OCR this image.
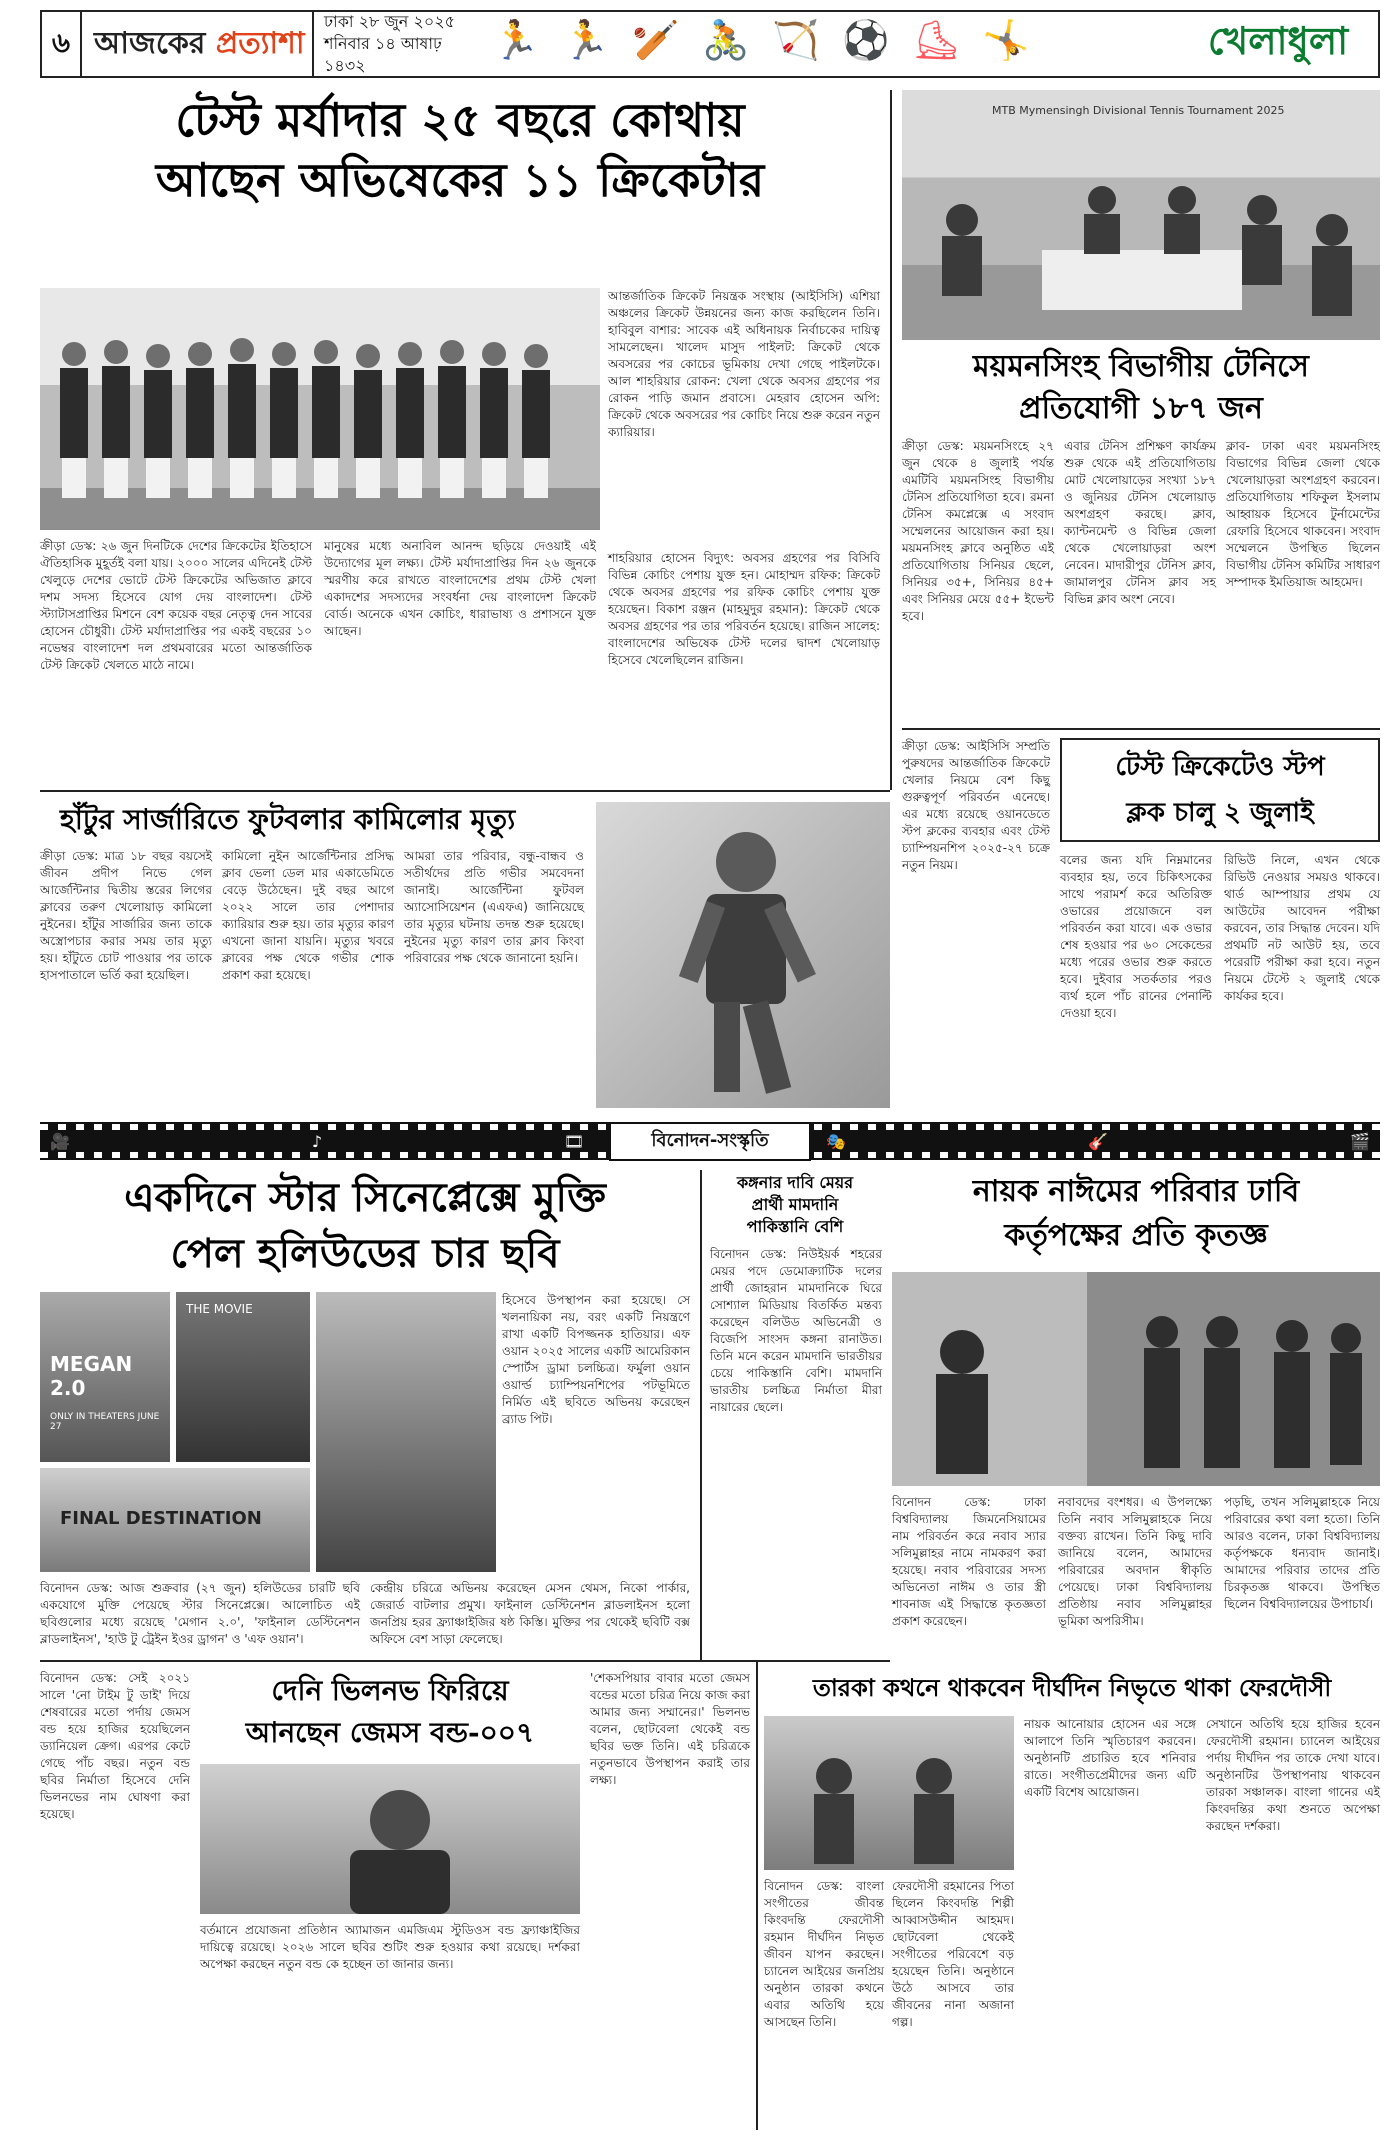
৬ আজকের প্রত্যাশা
ঢাকা ২৮ জুন ২০২৫
শনিবার ১৪ আষাঢ় ১৪৩২
🏃 🏃 🏏 🚴 🏹 ⚽ ⛸ 🤸	খেলাধুলা
টেস্ট মর্যাদার ২৫ বছরে কোথায়
আছেন অভিষেকের ১১ ক্রিকেটার
ক্রীড়া ডেস্ক: ২৬ জুন দিনটিকে দেশের ক্রিকেটের ইতিহাসে ঐতিহাসিক মুহূর্তই বলা যায়। ২০০০ সালের এদিনেই টেস্ট খেলুড়ে দেশের ভোটে টেস্ট ক্রিকেটের অভিজাত ক্লাবে দশম সদস্য হিসেবে যোগ দেয় বাংলাদেশ। টেস্ট স্ট্যাটাসপ্রাপ্তির মিশনে বেশ কয়েক বছর নেতৃত্ব দেন সাবের হোসেন চৌধুরী। টেস্ট মর্যাদাপ্রাপ্তির পর একই বছরের ১০ নভেম্বর বাংলাদেশ দল প্রথমবারের মতো আন্তর্জাতিক টেস্ট ক্রিকেট খেলতে মাঠে নামে।
মানুষের মধ্যে অনাবিল আনন্দ ছড়িয়ে দেওয়াই এই উদ্যোগের মূল লক্ষ্য। টেস্ট মর্যাদাপ্রাপ্তির দিন ২৬ জুনকে স্মরণীয় করে রাখতে বাংলাদেশের প্রথম টেস্ট খেলা একাদশের সদস্যদের সংবর্ধনা দেয় বাংলাদেশ ক্রিকেট বোর্ড। অনেকে এখন কোচিং, ধারাভাষ্য ও প্রশাসনে যুক্ত আছেন।
আন্তর্জাতিক ক্রিকেট নিয়ন্ত্রক সংস্থায় (আইসিসি) এশিয়া অঞ্চলের ক্রিকেট উন্নয়নের জন্য কাজ করছিলেন তিনি। হাবিবুল বাশার: সাবেক এই অধিনায়ক নির্বাচকের দায়িত্ব সামলেছেন। খালেদ মাসুদ পাইলট: ক্রিকেট থেকে অবসরের পর কোচের ভূমিকায় দেখা গেছে পাইলটকে। আল শাহরিয়ার রোকন: খেলা থেকে অবসর গ্রহণের পর রোকন পাড়ি জমান প্রবাসে। মেহরাব হোসেন অপি: ক্রিকেট থেকে অবসরের পর কোচিং নিয়ে শুরু করেন নতুন ক্যারিয়ার।
শাহরিয়ার হোসেন বিদ্যুৎ: অবসর গ্রহণের পর বিসিবি বিভিন্ন কোচিং পেশায় যুক্ত হন। মোহাম্মদ রফিক: ক্রিকেট থেকে অবসর গ্রহণের পর রফিক কোচিং পেশায় যুক্ত হয়েছেন। বিকাশ রঞ্জন (মাহমুদুর রহমান): ক্রিকেট থেকে অবসর গ্রহণের পর তার পরিবর্তন হয়েছে। রাজিন সালেহ: বাংলাদেশের অভিষেক টেস্ট দলের দ্বাদশ খেলোয়াড় হিসেবে খেলেছিলেন রাজিন।
MTB Mymensingh Divisional Tennis Tournament 2025
ময়মনসিংহ বিভাগীয় টেনিসে
প্রতিযোগী ১৮৭ জন
ক্রীড়া ডেস্ক: ময়মনসিংহে ২৭ জুন থেকে ৪ জুলাই পর্যন্ত এমটিবি ময়মনসিংহ বিভাগীয় টেনিস প্রতিযোগিতা হবে। রমনা টেনিস কমপ্লেক্সে এ সংবাদ সম্মেলনের আয়োজন করা হয়। ময়মনসিংহ ক্লাবে অনুষ্ঠিত এই প্রতিযোগিতায় সিনিয়র ছেলে, সিনিয়র ৩৫+, সিনিয়র ৪৫+ এবং সিনিয়র মেয়ে ৫৫+ ইভেন্ট হবে।
এবার টেনিস প্রশিক্ষণ কার্যক্রম শুরু থেকে এই প্রতিযোগিতায় মোট খেলোয়াড়ের সংখ্যা ১৮৭ ও জুনিয়র টেনিস খেলোয়াড় অংশগ্রহণ করছে। ক্লাব, ক্যান্টনমেন্ট ও বিভিন্ন জেলা থেকে খেলোয়াড়রা অংশ নেবেন। মাদারীপুর টেনিস ক্লাব, জামালপুর টেনিস ক্লাব সহ বিভিন্ন ক্লাব অংশ নেবে।
ক্লাব- ঢাকা এবং ময়মনসিংহ বিভাগের বিভিন্ন জেলা থেকে খেলোয়াড়রা অংশগ্রহণ করবেন। প্রতিযোগিতায় শফিকুল ইসলাম আহ্বায়ক হিসেবে টুর্নামেন্টের রেফারি হিসেবে থাকবেন। সংবাদ সম্মেলনে উপস্থিত ছিলেন বিভাগীয় টেনিস কমিটির সাধারণ সম্পাদক ইমতিয়াজ আহমেদ।
ক্রীড়া ডেস্ক: আইসিসি সম্প্রতি পুরুষদের আন্তর্জাতিক ক্রিকেটে খেলার নিয়মে বেশ কিছু গুরুত্বপূর্ণ পরিবর্তন এনেছে। এর মধ্যে রয়েছে ওয়ানডেতে স্টপ ক্লকের ব্যবহার এবং টেস্ট চ্যাম্পিয়নশিপ ২০২৫-২৭ চক্রে নতুন নিয়ম।
টেস্ট ক্রিকেটেও স্টপ
ক্লক চালু ২ জুলাই
বলের জন্য যদি নিম্নমানের ব্যবহার হয়, তবে চিকিৎসকের সাথে পরামর্শ করে অতিরিক্ত ওভারের প্রয়োজনে বল পরিবর্তন করা যাবে। এক ওভার শেষ হওয়ার পর ৬০ সেকেন্ডের মধ্যে পরের ওভার শুরু করতে হবে। দুইবার সতর্কতার পরও ব্যর্থ হলে পাঁচ রানের পেনাল্টি দেওয়া হবে।
রিভিউ নিলে, এখন থেকে রিভিউ নেওয়ার সময়ও থাকবে। থার্ড আম্পায়ার প্রথম যে আউটের আবেদন পরীক্ষা করবেন, তার সিদ্ধান্ত দেবেন। যদি প্রথমটি নট আউট হয়, তবে পরেরটি পরীক্ষা করা হবে। নতুন নিয়মে টেস্টে ২ জুলাই থেকে কার্যকর হবে।
হাঁটুর সার্জারিতে ফুটবলার কামিলোর মৃত্যু
ক্রীড়া ডেস্ক: মাত্র ১৮ বছর বয়সেই জীবন প্রদীপ নিভে গেল আর্জেন্টিনার দ্বিতীয় স্তরের লিগের ক্লাবের তরুণ খেলোয়াড় কামিলো নুইনের। হাঁটুর সার্জারির জন্য তাকে অস্ত্রোপচার করার সময় তার মৃত্যু হয়। হাঁটুতে চোট পাওয়ার পর তাকে হাসপাতালে ভর্তি করা হয়েছিল।
কামিলো নুইন আর্জেন্টিনার প্রসিদ্ধ ক্লাব ভেলা ডেল মার একাডেমিতে বেড়ে উঠেছেন। দুই বছর আগে ২০২২ সালে তার পেশাদার ক্যারিয়ার শুরু হয়। তার মৃত্যুর কারণ এখনো জানা যায়নি। মৃত্যুর খবরে ক্লাবের পক্ষ থেকে গভীর শোক প্রকাশ করা হয়েছে।
আমরা তার পরিবার, বন্ধু-বান্ধব ও সতীর্থদের প্রতি গভীর সমবেদনা জানাই। আর্জেন্টিনা ফুটবল অ্যাসোসিয়েশন (এএফএ) জানিয়েছে তার মৃত্যুর ঘটনায় তদন্ত শুরু হয়েছে। নুইনের মৃত্যু কারণ তার ক্লাব কিংবা পরিবারের পক্ষ থেকে জানানো হয়নি।
🎥	♪	🎞	🎭	🎸	🎬
বিনোদন-সংস্কৃতি
একদিনে স্টার সিনেপ্লেক্সে মুক্তি
পেল হলিউডের চার ছবি
MEGAN 2.0
ONLY IN THEATERS JUNE 27
THE MOVIE
FINAL DESTINATION
হিসেবে উপস্থাপন করা হয়েছে। সে খলনায়িকা নয়, বরং একটি নিয়ন্ত্রণে রাখা একটি বিপজ্জনক হাতিয়ার। এফ ওয়ান ২০২৫ সালের একটি আমেরিকান স্পোর্টস ড্রামা চলচ্চিত্র। ফর্মুলা ওয়ান ওয়ার্ল্ড চ্যাম্পিয়নশিপের পটভূমিতে নির্মিত এই ছবিতে অভিনয় করেছেন ব্র্যাড পিট।
বিনোদন ডেস্ক: আজ শুক্রবার (২৭ জুন) হলিউডের চারটি ছবি একযোগে মুক্তি পেয়েছে স্টার সিনেপ্লেক্সে। আলোচিত এই ছবিগুলোর মধ্যে রয়েছে 'মেগান ২.০', 'ফাইনাল ডেস্টিনেশন ব্লাডলাইনস', 'হাউ টু ট্রেইন ইওর ড্রাগন' ও 'এফ ওয়ান'।
কেন্দ্রীয় চরিত্রে অভিনয় করেছেন মেসন থেমস, নিকো পার্কার, জেরার্ড বাটলার প্রমুখ। ফাইনাল ডেস্টিনেশন ব্লাডলাইনস হলো জনপ্রিয় হরর ফ্র্যাঞ্চাইজির ষষ্ঠ কিস্তি। মুক্তির পর থেকেই ছবিটি বক্স অফিসে বেশ সাড়া ফেলেছে।
কঙ্গনার দাবি মেয়র
প্রার্থী মামদানি
পাকিস্তানি বেশি
বিনোদন ডেস্ক: নিউইয়র্ক শহরের মেয়র পদে ডেমোক্র্যাটিক দলের প্রার্থী জোহরান মামদানিকে ঘিরে সোশ্যাল মিডিয়ায় বিতর্কিত মন্তব্য করেছেন বলিউড অভিনেত্রী ও বিজেপি সাংসদ কঙ্গনা রানাউত। তিনি মনে করেন মামদানি ভারতীয়র চেয়ে পাকিস্তানি বেশি। মামদানি ভারতীয় চলচ্চিত্র নির্মাতা মীরা নায়ারের ছেলে।
নায়ক নাঈমের পরিবার ঢাবি
কর্তৃপক্ষের প্রতি কৃতজ্ঞ
বিনোদন ডেস্ক: ঢাকা বিশ্ববিদ্যালয় জিমনেসিয়ামের নাম পরিবর্তন করে নবাব স্যার সলিমুল্লাহর নামে নামকরণ করা হয়েছে। নবাব পরিবারের সদস্য অভিনেতা নাঈম ও তার স্ত্রী শাবনাজ এই সিদ্ধান্তে কৃতজ্ঞতা প্রকাশ করেছেন।
নবাবদের বংশধর। এ উপলক্ষ্যে তিনি নবাব সলিমুল্লাহকে নিয়ে বক্তব্য রাখেন। তিনি কিছু দাবি জানিয়ে বলেন, আমাদের পরিবারের অবদান স্বীকৃতি পেয়েছে। ঢাকা বিশ্ববিদ্যালয় প্রতিষ্ঠায় নবাব সলিমুল্লাহর ভূমিকা অপরিসীম।
পড়ছি, তখন সলিমুল্লাহকে নিয়ে পরিবারের কথা বলা হতো। তিনি আরও বলেন, ঢাকা বিশ্ববিদ্যালয় কর্তৃপক্ষকে ধন্যবাদ জানাই। আমাদের পরিবার তাদের প্রতি চিরকৃতজ্ঞ থাকবে। উপস্থিত ছিলেন বিশ্ববিদ্যালয়ের উপাচার্য।
বিনোদন ডেস্ক: সেই ২০২১ সালে 'নো টাইম টু ডাই' দিয়ে শেষবারের মতো পর্দায় জেমস বন্ড হয়ে হাজির হয়েছিলেন ড্যানিয়েল ক্রেগ। এরপর কেটে গেছে পাঁচ বছর। নতুন বন্ড ছবির নির্মাতা হিসেবে দেনি ভিলনভের নাম ঘোষণা করা হয়েছে।
দেনি ভিলনভ ফিরিয়ে
আনছেন জেমস বন্ড-০০৭
বর্তমানে প্রযোজনা প্রতিষ্ঠান অ্যামাজন এমজিএম স্টুডিওস বন্ড ফ্র্যাঞ্চাইজির দায়িত্বে রয়েছে। ২০২৬ সালে ছবির শুটিং শুরু হওয়ার কথা রয়েছে। দর্শকরা অপেক্ষা করছেন নতুন বন্ড কে হচ্ছেন তা জানার জন্য।
'শেকসপিয়ার বাবার মতো জেমস বন্ডের মতো চরিত্র নিয়ে কাজ করা আমার জন্য সম্মানের।' ভিলনভ বলেন, ছোটবেলা থেকেই বন্ড ছবির ভক্ত তিনি। এই চরিত্রকে নতুনভাবে উপস্থাপন করাই তার লক্ষ্য।
তারকা কথনে থাকবেন দীর্ঘদিন নিভৃতে থাকা ফেরদৌসী
বিনোদন ডেস্ক: বাংলা সংগীতের জীবন্ত কিংবদন্তি ফেরদৌসী রহমান দীর্ঘদিন নিভৃত জীবন যাপন করছেন। চ্যানেল আইয়ের জনপ্রিয় অনুষ্ঠান তারকা কথনে এবার অতিথি হয়ে আসছেন তিনি।
ফেরদৌসী রহমানের পিতা ছিলেন কিংবদন্তি শিল্পী আব্বাসউদ্দীন আহমদ। ছোটবেলা থেকেই সংগীতের পরিবেশে বড় হয়েছেন তিনি। অনুষ্ঠানে উঠে আসবে তার জীবনের নানা অজানা গল্প।
নায়ক আনোয়ার হোসেন এর সঙ্গে আলাপে তিনি স্মৃতিচারণ করবেন। অনুষ্ঠানটি প্রচারিত হবে শনিবার রাতে। সংগীতপ্রেমীদের জন্য এটি একটি বিশেষ আয়োজন।
সেখানে অতিথি হয়ে হাজির হবেন ফেরদৌসী রহমান। চ্যানেল আইয়ের পর্দায় দীর্ঘদিন পর তাকে দেখা যাবে। অনুষ্ঠানটির উপস্থাপনায় থাকবেন তারকা সঞ্চালক। বাংলা গানের এই কিংবদন্তির কথা শুনতে অপেক্ষা করছেন দর্শকরা।
